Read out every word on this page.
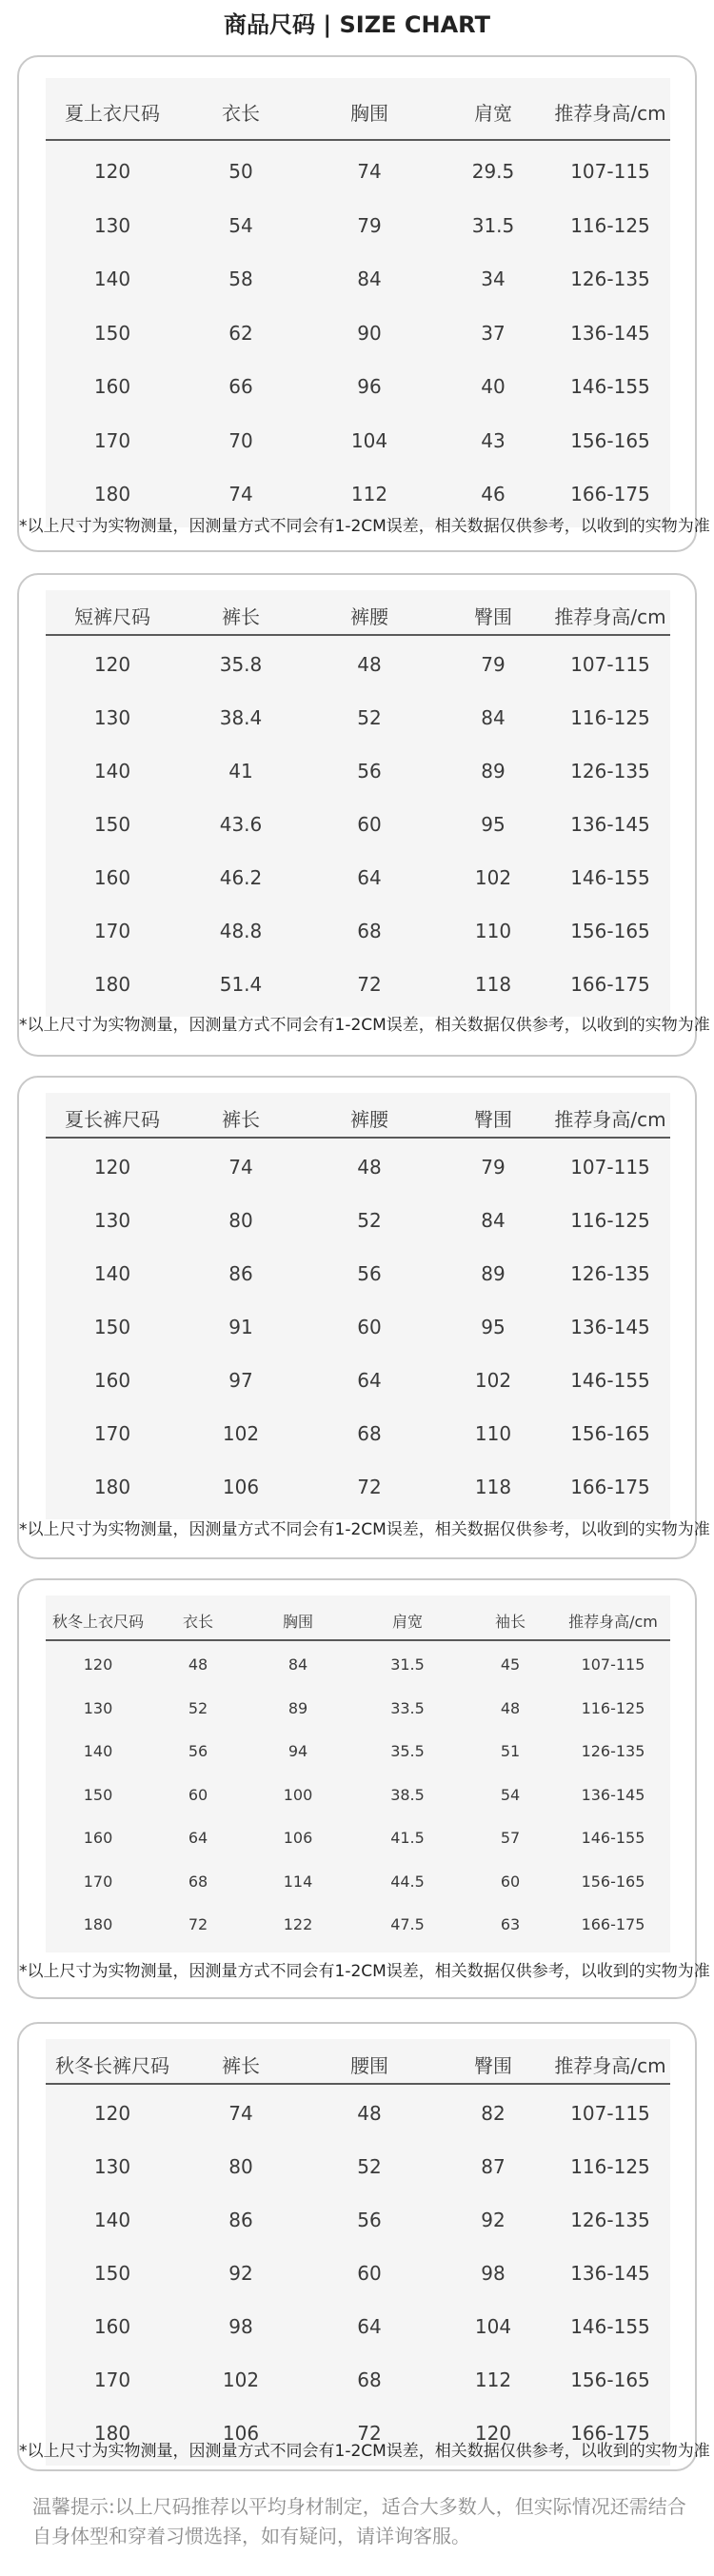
商品尺码 | SIZE CHART
夏上衣尺码	衣长	胸围	肩宽	推荐身高/cm
120	50	74	29.5	107-115
130	54	79	31.5	116-125
140	58	84	34	126-135
150	62	90	37	136-145
160	66	96	40	146-155
170	70	104	43	156-165
180	74	112	46	166-175
*以上尺寸为实物测量，因测量方式不同会有1-2CM误差，相关数据仅供参考，以收到的实物为准
短裤尺码	裤长	裤腰	臀围	推荐身高/cm
120	35.8	48	79	107-115
130	38.4	52	84	116-125
140	41	56	89	126-135
150	43.6	60	95	136-145
160	46.2	64	102	146-155
170	48.8	68	110	156-165
180	51.4	72	118	166-175
*以上尺寸为实物测量，因测量方式不同会有1-2CM误差，相关数据仅供参考，以收到的实物为准
夏长裤尺码	裤长	裤腰	臀围	推荐身高/cm
120	74	48	79	107-115
130	80	52	84	116-125
140	86	56	89	126-135
150	91	60	95	136-145
160	97	64	102	146-155
170	102	68	110	156-165
180	106	72	118	166-175
*以上尺寸为实物测量，因测量方式不同会有1-2CM误差，相关数据仅供参考，以收到的实物为准
秋冬上衣尺码	衣长	胸围	肩宽	袖长	推荐身高/cm
120	48	84	31.5	45	107-115
130	52	89	33.5	48	116-125
140	56	94	35.5	51	126-135
150	60	100	38.5	54	136-145
160	64	106	41.5	57	146-155
170	68	114	44.5	60	156-165
180	72	122	47.5	63	166-175
*以上尺寸为实物测量，因测量方式不同会有1-2CM误差，相关数据仅供参考，以收到的实物为准
秋冬长裤尺码	裤长	腰围	臀围	推荐身高/cm
120	74	48	82	107-115
130	80	52	87	116-125
140	86	56	92	126-135
150	92	60	98	136-145
160	98	64	104	146-155
170	102	68	112	156-165
180	106	72	120	166-175
*以上尺寸为实物测量，因测量方式不同会有1-2CM误差，相关数据仅供参考，以收到的实物为准
温馨提示:以上尺码推荐以平均身材制定，适合大多数人，但实际情况还需结合自身体型和穿着习惯选择，如有疑问，请详询客服。
